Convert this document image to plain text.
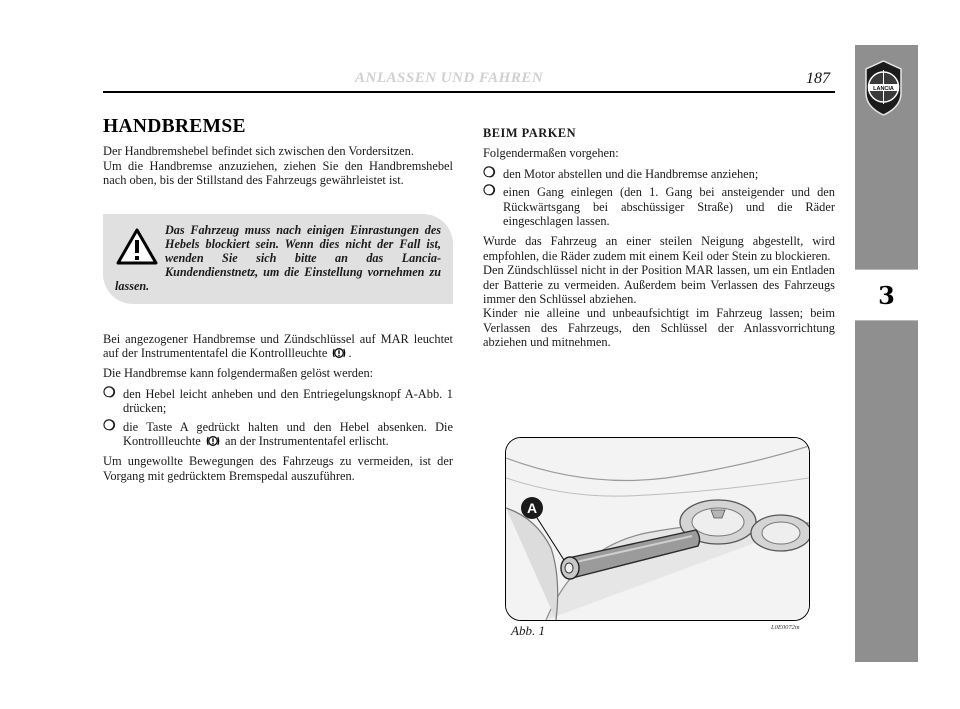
LANCIA
3
ANLASSEN UND FAHREN	187
HANDBREMSE

Der Handbremshebel befindet sich zwischen den Vordersitzen.

Um die Handbremse anzuziehen, ziehen Sie den Handbremshebel nach oben, bis der Stillstand des Fahrzeugs gewährleistet ist.

Das Fahrzeug muss nach einigen Einrastungen des Hebels blockiert sein. Wenn dies nicht der Fall ist, wenden Sie sich bitte an das Lancia-Kundendienstnetz, um die Einstellung vornehmen zu lassen.

Bei angezogener Handbremse und Zündschlüssel auf MAR leuchtet auf der Instrumententafel die Kontrollleuchte .

Die Handbremse kann folgendermaßen gelöst werden:

❍ den Hebel leicht anheben und den Entriegelungsknopf A-Abb. 1 drücken;
❍ die Taste A gedrückt halten und den Hebel absenken. Die Kontrollleuchte an der Instrumententafel erlischt.

Um ungewollte Bewegungen des Fahrzeugs zu vermeiden, ist der Vorgang mit gedrücktem Bremspedal auszuführen.

BEIM PARKEN

Folgendermaßen vorgehen:

❍ den Motor abstellen und die Handbremse anziehen;
❍ einen Gang einlegen (den 1. Gang bei ansteigender und den Rückwärtsgang bei abschüssiger Straße) und die Räder eingeschlagen lassen.

Wurde das Fahrzeug an einer steilen Neigung abgestellt, wird empfohlen, die Räder zudem mit einem Keil oder Stein zu blockieren.

Den Zündschlüssel nicht in der Position MAR lassen, um ein Entladen der Batterie zu vermeiden. Außerdem beim Verlassen des Fahrzeugs immer den Schlüssel abziehen.

Kinder nie alleine und unbeaufsichtigt im Fahrzeug lassen; beim Verlassen des Fahrzeugs, den Schlüssel der Anlassvorrichtung abziehen und mitnehmen.

A
Abb. 1	L0E0072m
